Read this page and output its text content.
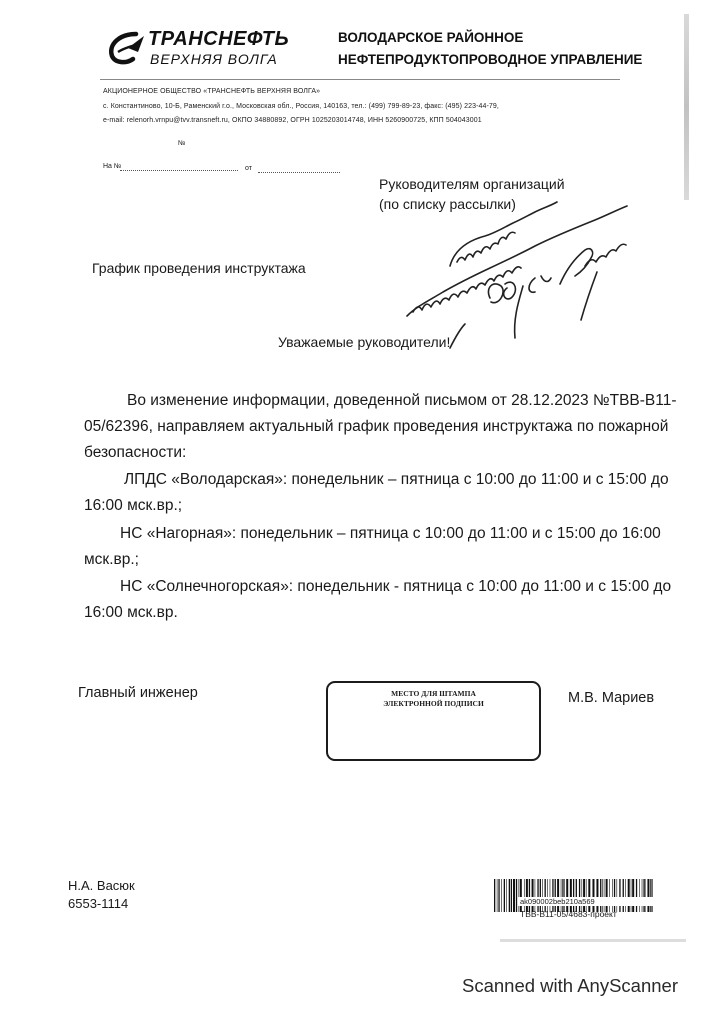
ТРАНСНЕФТЬ
ВЕРХНЯЯ ВОЛГА
ВОЛОДАРСКОЕ РАЙОННОЕ
НЕФТЕПРОДУКТОПРОВОДНОЕ УПРАВЛЕНИЕ
АКЦИОНЕРНОЕ ОБЩЕСТВО «ТРАНСНЕФТЬ ВЕРХНЯЯ ВОЛГА»
с. Константиново, 10-Б, Раменский г.о., Московская обл., Россия, 140163, тел.: (499) 799-89-23, факс: (495) 223-44-79,
e-mail: relenorh.vrnpu@tvv.transneft.ru, ОКПО 34880892, ОГРН 1025203014748, ИНН 5260900725, КПП 504043001
№
На №	от
Руководителям организаций
(по списку рассылки)
График проведения инструктажа
Уважаемые руководители!
Во изменение информации, доведенной письмом от 28.12.2023 №ТВВ-В11-
05/62396, направляем актуальный график проведения инструктажа по пожарной
безопасности:
ЛПДС «Володарская»: понедельник – пятница с 10:00 до 11:00 и с 15:00 до
16:00 мск.вр.;
НС «Нагорная»: понедельник – пятница с 10:00 до 11:00 и с 15:00 до 16:00
мск.вр.;
НС «Солнечногорская»: понедельник - пятница с 10:00 до 11:00 и с 15:00 до
16:00 мск.вр.
Главный инженер	МЕСТО ДЛЯ ШТАМПА
ЭЛЕКТРОННОЙ ПОДПИСИ	М.В. Мариев
Н.А. Васюк
6553-1114	ak090002beb210a569
ТВВ-В11-05/4683-проект
Scanned with AnyScanner
